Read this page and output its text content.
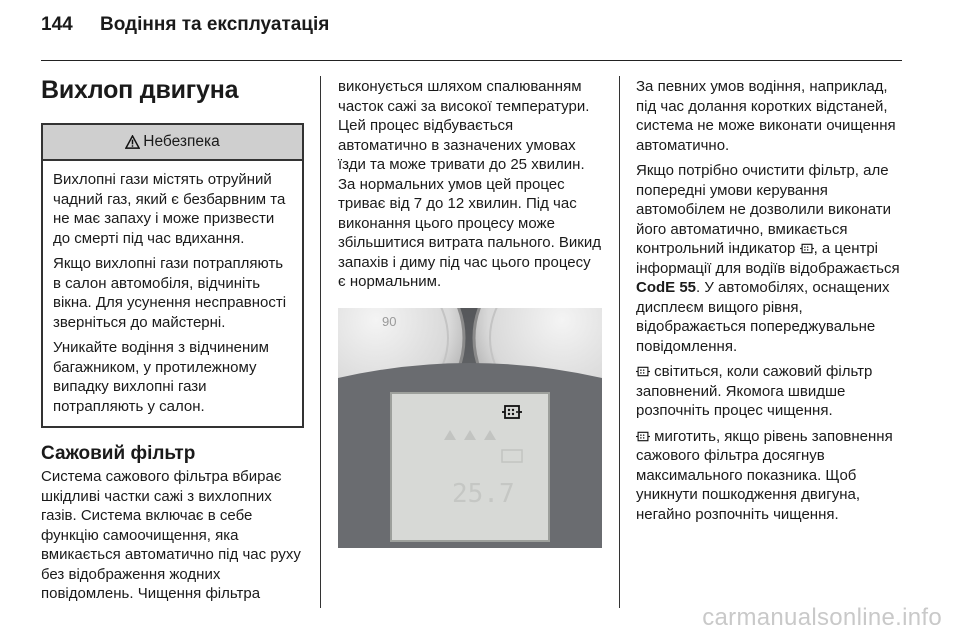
144 Водіння та експлуатація
Вихлоп двигуна
Небезпека

Вихлопні гази містять отруйний чадний газ, який є безбарвним та не має запаху і може призвести до смерті під час вдихання.

Якщо вихлопні гази потрапляють в салон автомобіля, відчиніть вікна. Для усунення несправності зверніться до майстерні.

Уникайте водіння з відчиненим багажником, у протилежному випадку вихлопні гази потрапляють у салон.

Сажовий фільтр

Система сажового фільтра вбирає шкідливі частки сажі з вихлопних газів. Система включає в себе функцію самоочищення, яка вмикається автоматично під час руху без відображення жодних повідомлень. Чищення фільтра

виконується шляхом спалюванням часток сажі за високої температури. Цей процес відбувається автоматично в зазначених умовах їзди та може тривати до 25 хвилин. За нормальних умов цей процес триває від 7 до 12 хвилин. Під час виконання цього процесу може збільшитися витрата пального. Викид запахів і диму під час цього процесу є нормальним.

90
25.7

За певних умов водіння, наприклад, під час долання коротких відстаней, система не може виконати очищення автоматично.

Якщо потрібно очистити фільтр, але попередні умови керування автомобілем не дозволили виконати його автоматично, вмикається контрольний індикатор , а центрі інформації для водіїв відображається CodE 55. У автомобілях, оснащених дисплеєм вищого рівня, відображається попереджувальне повідомлення.

світиться, коли сажовий фільтр заповнений. Якомога швидше розпочніть процес чищення.

миготить, якщо рівень заповнення сажового фільтра досягнув максимального показника. Щоб уникнути пошкодження двигуна, негайно розпочніть чищення.

carmanualsonline.info
